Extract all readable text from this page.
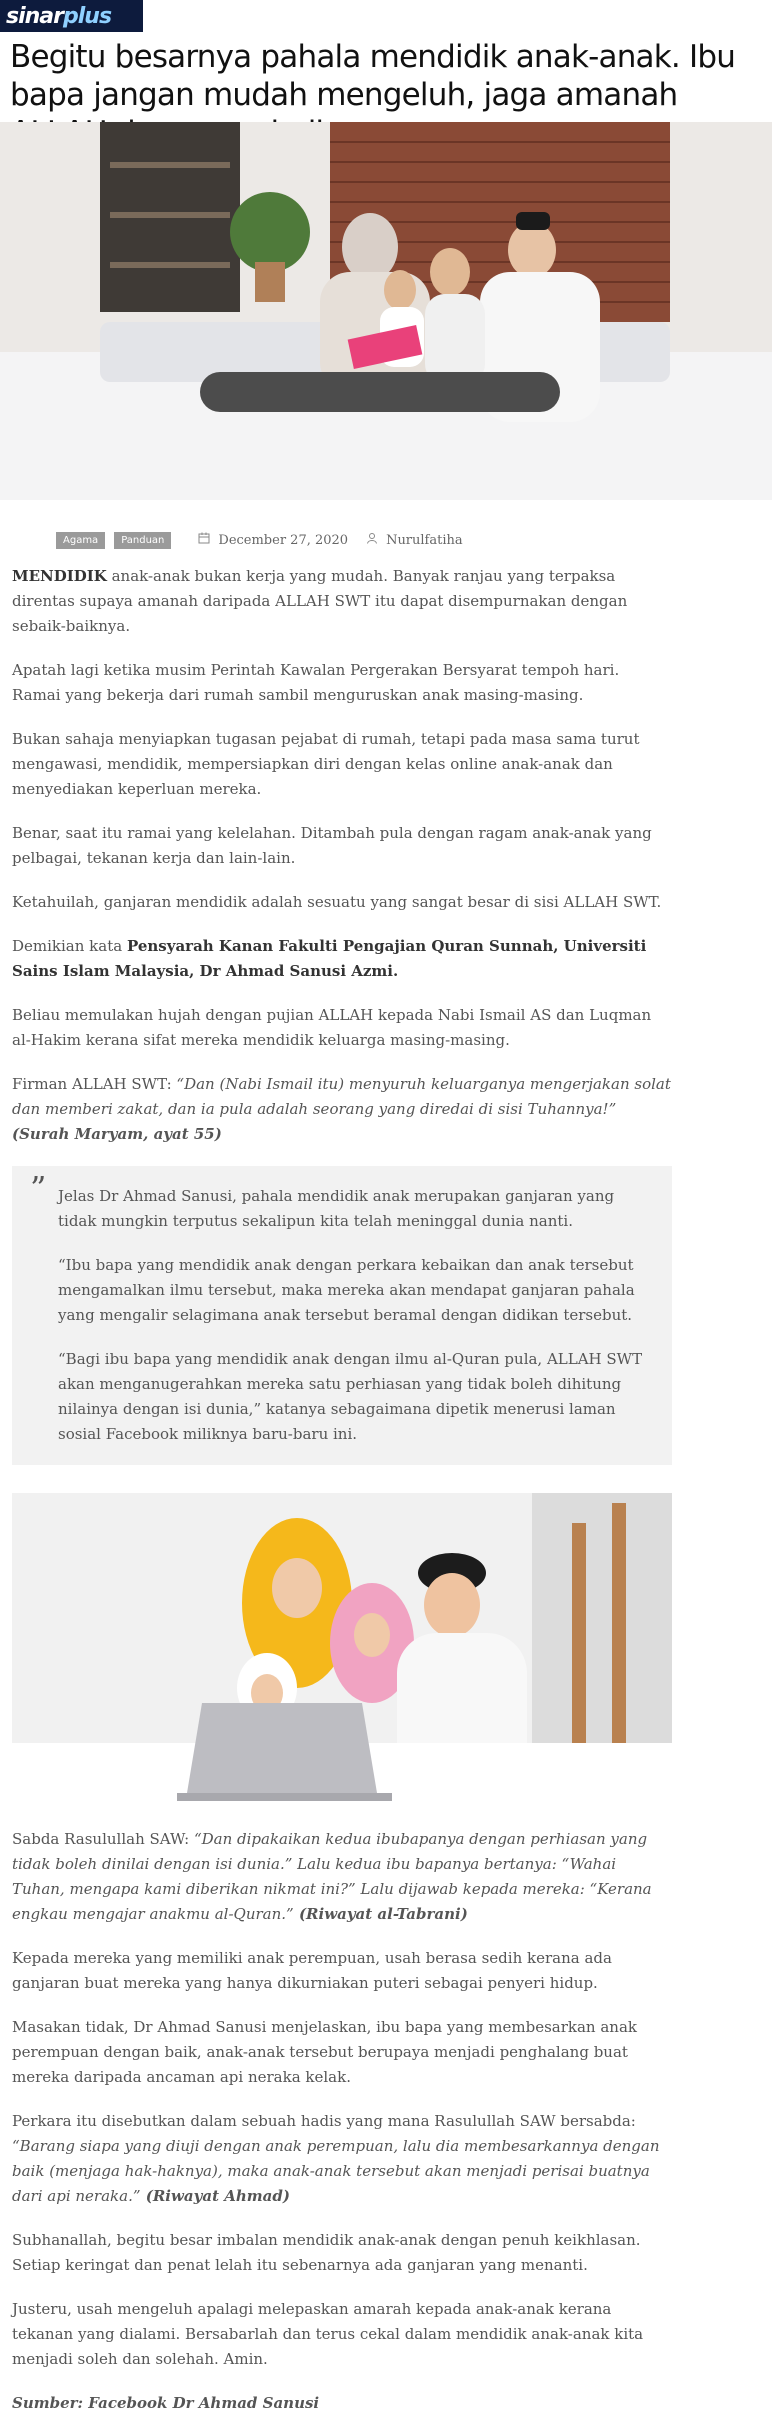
sinar plus
Begitu besarnya pahala mendidik anak-anak. Ibu bapa jangan mudah mengeluh, jaga amanah
Agama	Panduan	December 27, 2020	Nurulfatiha

MENDIDIK anak-anak bukan kerja yang mudah. Banyak ranjau yang terpaksa direntas supaya amanah daripada ALLAH SWT itu dapat disempurnakan dengan sebaik-baiknya.

Apatah lagi ketika musim Perintah Kawalan Pergerakan Bersyarat tempoh hari. Ramai yang bekerja dari rumah sambil menguruskan anak masing-masing.

Bukan sahaja menyiapkan tugasan pejabat di rumah, tetapi pada masa sama turut mengawasi, mendidik, mempersiapkan diri dengan kelas online anak-anak dan menyediakan keperluan mereka.

Benar, saat itu ramai yang kelelahan. Ditambah pula dengan ragam anak-anak yang pelbagai, tekanan kerja dan lain-lain.

Ketahuilah, ganjaran mendidik adalah sesuatu yang sangat besar di sisi ALLAH SWT.

Demikian kata Pensyarah Kanan Fakulti Pengajian Quran Sunnah, Universiti Sains Islam Malaysia, Dr Ahmad Sanusi Azmi.

Beliau memulakan hujah dengan pujian ALLAH kepada Nabi Ismail AS dan Luqman al-Hakim kerana sifat mereka mendidik keluarga masing-masing.

Firman ALLAH SWT: “Dan (Nabi Ismail itu) menyuruh keluarganya mengerjakan solat dan memberi zakat, dan ia pula adalah seorang yang diredai di sisi Tuhannya!” (Surah Maryam, ayat 55)

” Jelas Dr Ahmad Sanusi, pahala mendidik anak merupakan ganjaran yang tidak mungkin terputus sekalipun kita telah meninggal dunia nanti.

“Ibu bapa yang mendidik anak dengan perkara kebaikan dan anak tersebut mengamalkan ilmu tersebut, maka mereka akan mendapat ganjaran pahala yang mengalir selagimana anak tersebut beramal dengan didikan tersebut.

“Bagi ibu bapa yang mendidik anak dengan ilmu al-Quran pula, ALLAH SWT akan menganugerahkan mereka satu perhiasan yang tidak boleh dihitung nilainya dengan isi dunia,” katanya sebagaimana dipetik menerusi laman sosial Facebook miliknya baru-baru ini.

Sabda Rasulullah SAW: “Dan dipakaikan kedua ibubapanya dengan perhiasan yang tidak boleh dinilai dengan isi dunia.” Lalu kedua ibu bapanya bertanya: “Wahai Tuhan, mengapa kami diberikan nikmat ini?” Lalu dijawab kepada mereka: “Kerana engkau mengajar anakmu al-Quran.” (Riwayat al-Tabrani)

Kepada mereka yang memiliki anak perempuan, usah berasa sedih kerana ada ganjaran buat mereka yang hanya dikurniakan puteri sebagai penyeri hidup.

Masakan tidak, Dr Ahmad Sanusi menjelaskan, ibu bapa yang membesarkan anak perempuan dengan baik, anak-anak tersebut berupaya menjadi penghalang buat mereka daripada ancaman api neraka kelak.

Perkara itu disebutkan dalam sebuah hadis yang mana Rasulullah SAW bersabda: “Barang siapa yang diuji dengan anak perempuan, lalu dia membesarkannya dengan baik (menjaga hak-haknya), maka anak-anak tersebut akan menjadi perisai buatnya dari api neraka.” (Riwayat Ahmad)

Subhanallah, begitu besar imbalan mendidik anak-anak dengan penuh keikhlasan. Setiap keringat dan penat lelah itu sebenarnya ada ganjaran yang menanti.

Justeru, usah mengeluh apalagi melepaskan amarah kepada anak-anak kerana tekanan yang dialami. Bersabarlah dan terus cekal dalam mendidik anak-anak kita menjadi soleh dan solehah. Amin.

Sumber: Facebook Dr Ahmad Sanusi
